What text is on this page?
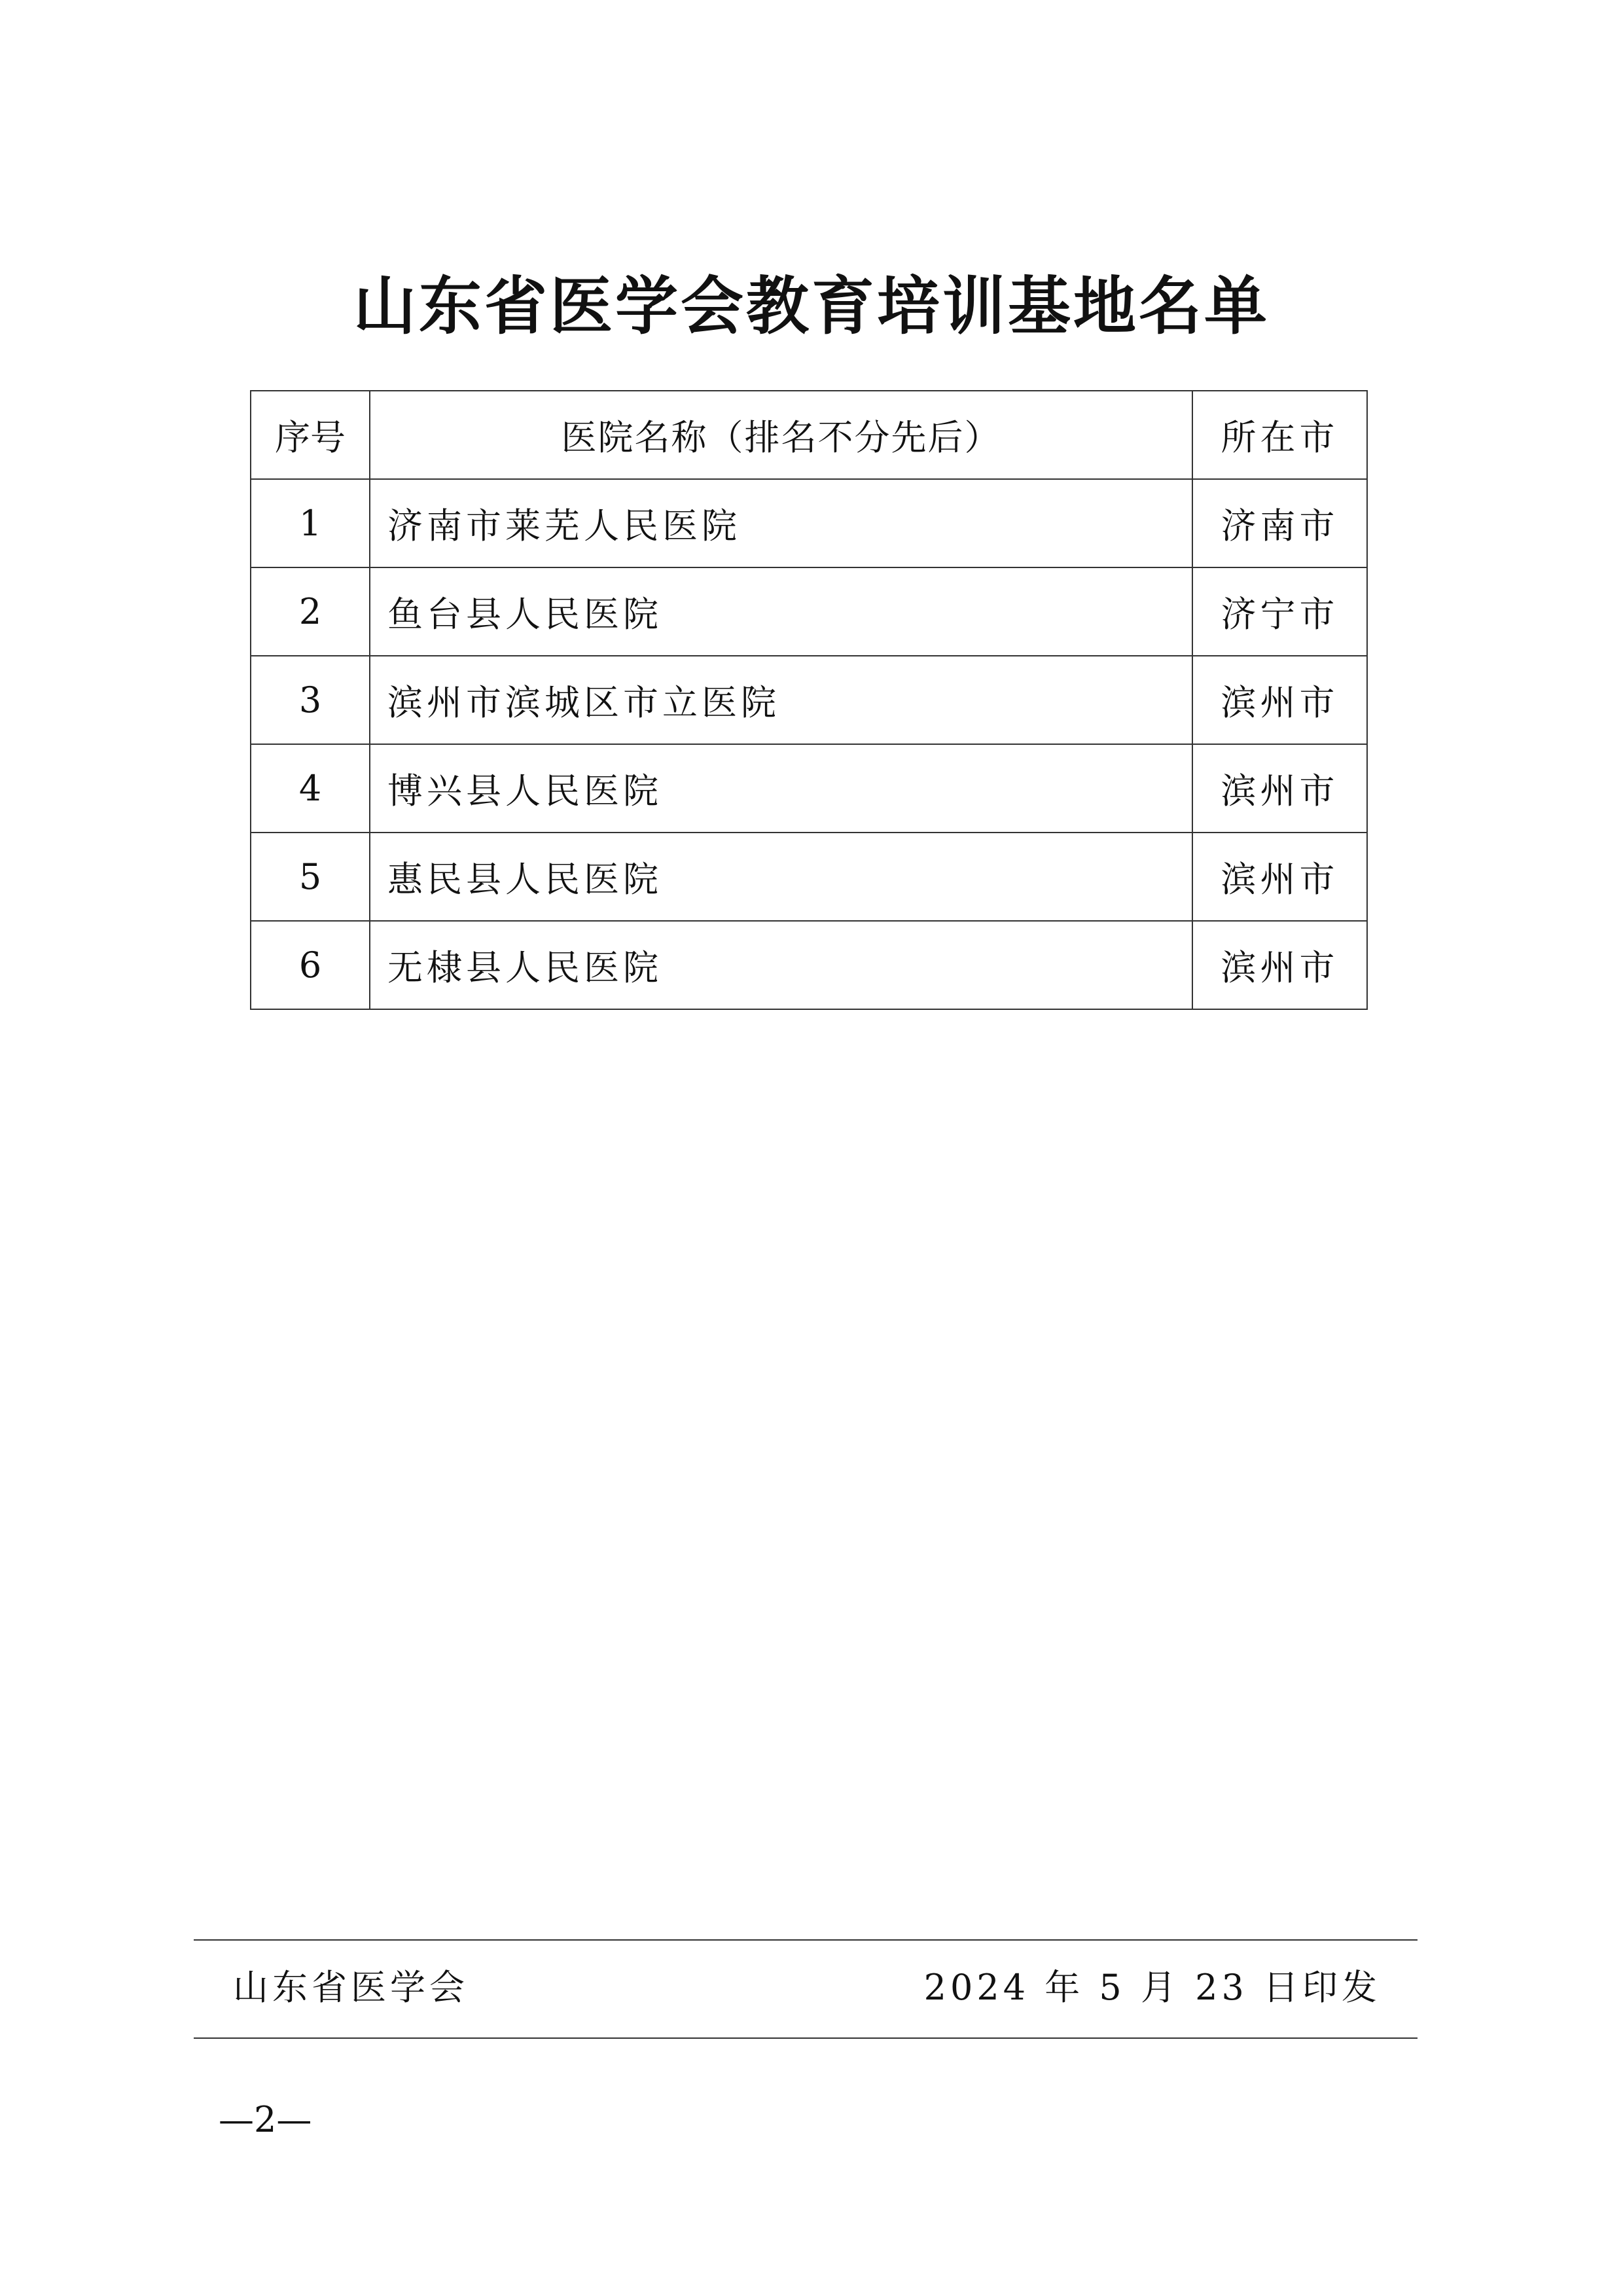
山东省医学会教育培训基地名单
序号	医院名称（排名不分先后）	所在市
1	济南市莱芜人民医院	济南市
2	鱼台县人民医院	济宁市
3	滨州市滨城区市立医院	滨州市
4	博兴县人民医院	滨州市
5	惠民县人民医院	滨州市
6	无棣县人民医院	滨州市
山东省医学会	2024 年 5 月 23 日印发
—2—
